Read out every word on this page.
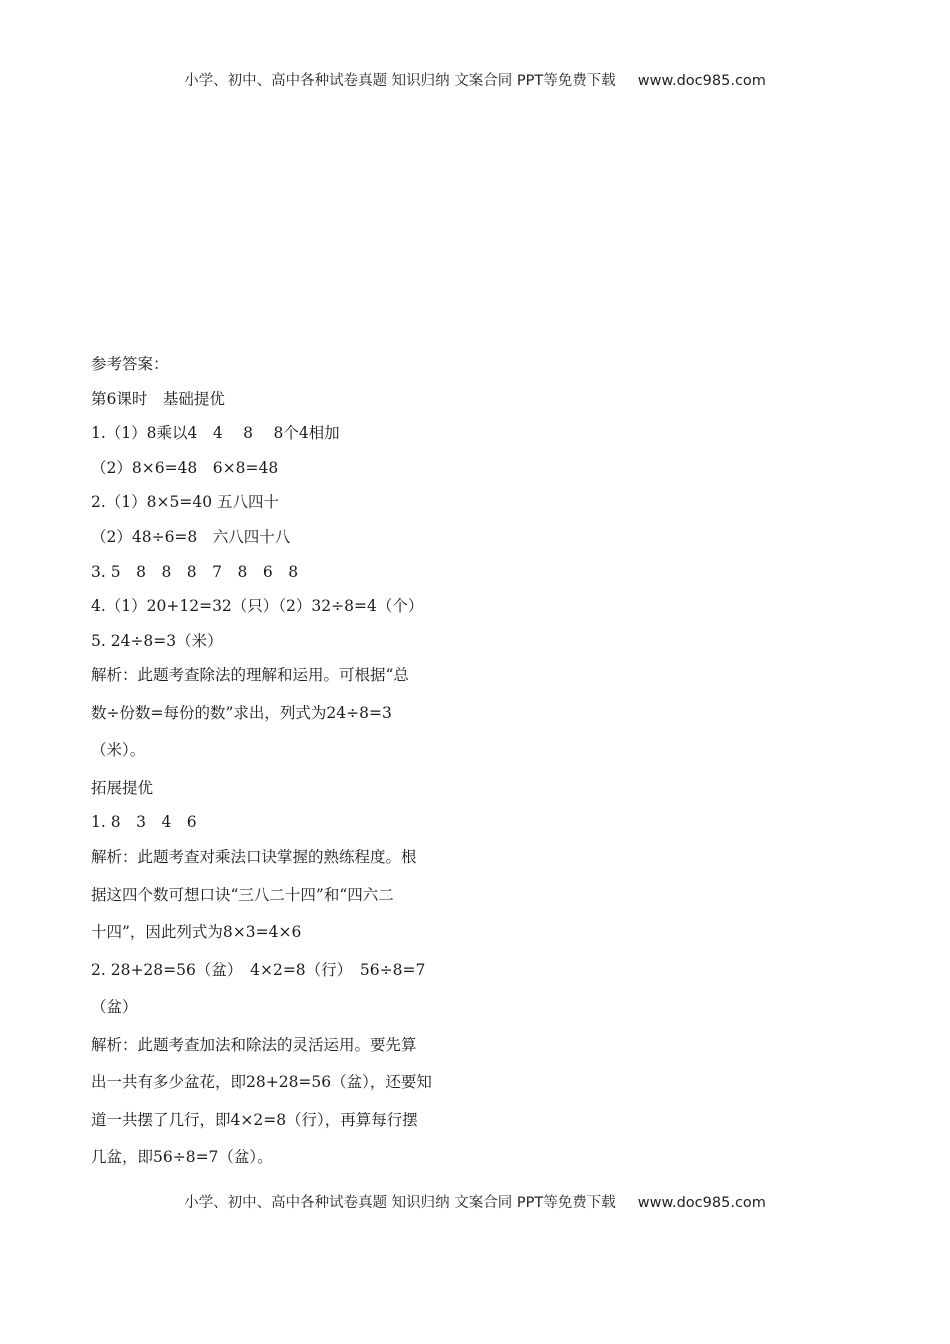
小学、初中、高中各种试卷真题 知识归纳 文案合同 PPT等免费下载 www.doc985.com
参考答案：
第6课时　基础提优
1.（1）8乘以4　4　 8　 8个4相加
（2）8×6=48　6×8=48
2.（1）8×5=40 五八四十
（2）48÷6=8　六八四十八
3. 5　8　8　8　7　8　6　8
4.（1）20+12=32（只）（2）32÷8=4（个）
5. 24÷8=3（米）
解析：此题考查除法的理解和运用。可根据“总
数÷份数=每份的数”求出，列式为24÷8=3
（米）。
拓展提优
1. 8　3　4　6
解析：此题考查对乘法口诀掌握的熟练程度。根
据这四个数可想口诀“三八二十四”和“四六二
十四”，因此列式为8×3=4×6
2. 28+28=56（盆）　4×2=8（行）　56÷8=7
（盆）
解析：此题考查加法和除法的灵活运用。要先算
出一共有多少盆花，即28+28=56（盆），还要知
道一共摆了几行，即4×2=8（行），再算每行摆
几盆，即56÷8=7（盆）。
小学、初中、高中各种试卷真题 知识归纳 文案合同 PPT等免费下载 www.doc985.com
